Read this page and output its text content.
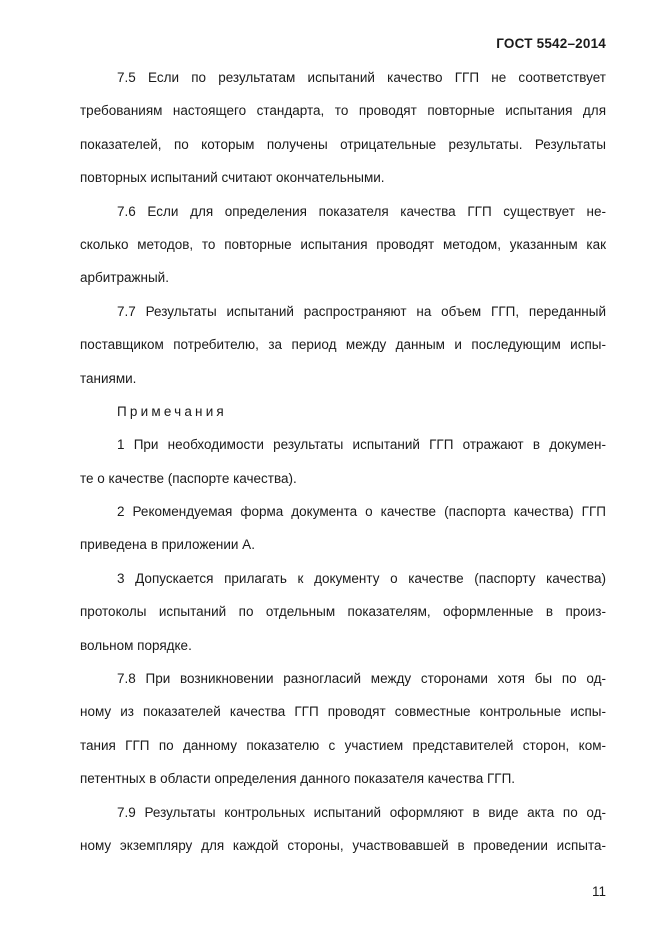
ГОСТ 5542–2014

7.5 Если по результатам испытаний качество ГГП не соответствует
требованиям настоящего стандарта, то проводят повторные испытания для
показателей, по которым получены отрицательные результаты. Результаты
повторных испытаний считают окончательными.

7.6 Если для определения показателя качества ГГП существует не-
сколько методов, то повторные испытания проводят методом, указанным как
арбитражный.

7.7 Результаты испытаний распространяют на объем ГГП, переданный
поставщиком потребителю, за период между данным и последующим испы-
таниями.

Примечания

1 При необходимости результаты испытаний ГГП отражают в докумен-
те о качестве (паспорте качества).

2 Рекомендуемая форма документа о качестве (паспорта качества) ГГП
приведена в приложении А.

3 Допускается прилагать к документу о качестве (паспорту качества)
протоколы испытаний по отдельным показателям, оформленные в произ-
вольном порядке.

7.8 При возникновении разногласий между сторонами хотя бы по од-
ному из показателей качества ГГП проводят совместные контрольные испы-
тания ГГП по данному показателю с участием представителей сторон, ком-
петентных в области определения данного показателя качества ГГП.

7.9 Результаты контрольных испытаний оформляют в виде акта по од-
ному экземпляру для каждой стороны, участвовавшей в проведении испыта-

11
